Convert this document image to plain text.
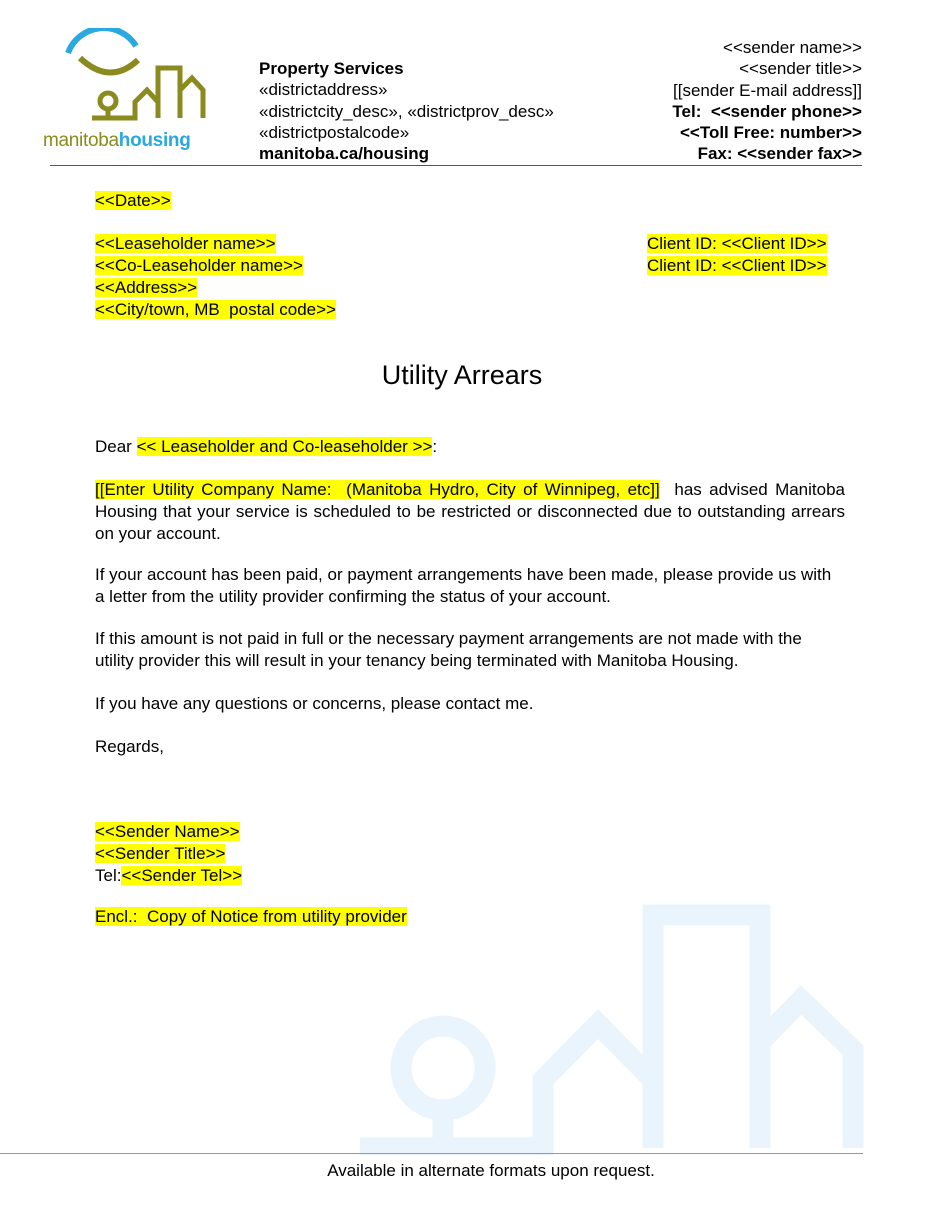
manitobahousing
Property Services
«districtaddress»
«districtcity_desc», «districtprov_desc»
«districtpostalcode»
manitoba.ca/housing
<<sender name>>
<<sender title>>
[[sender E-mail address]]
Tel:  <<sender phone>>
<<Toll Free: number>>
Fax: <<sender fax>>
<<Date>>
<<Leaseholder name>>
<<Co-Leaseholder name>>
<<Address>>
<<City/town, MB  postal code>>
Client ID: <<Client ID>>
Client ID: <<Client ID>>
Utility Arrears
Dear << Leaseholder and Co-leaseholder >>:
[[Enter Utility Company Name:  (Manitoba Hydro, City of Winnipeg, etc]]  has advised Manitoba Housing that your service is scheduled to be restricted or disconnected due to outstanding arrears on your account.
If your account has been paid, or payment arrangements have been made, please provide us with a letter from the utility provider confirming the status of your account.
If this amount is not paid in full or the necessary payment arrangements are not made with the utility provider this will result in your tenancy being terminated with Manitoba Housing.
If you have any questions or concerns, please contact me.
Regards,
<<Sender Name>>
<<Sender Title>>
Tel:<<Sender Tel>>
Encl.:  Copy of Notice from utility provider
Available in alternate formats upon request.
